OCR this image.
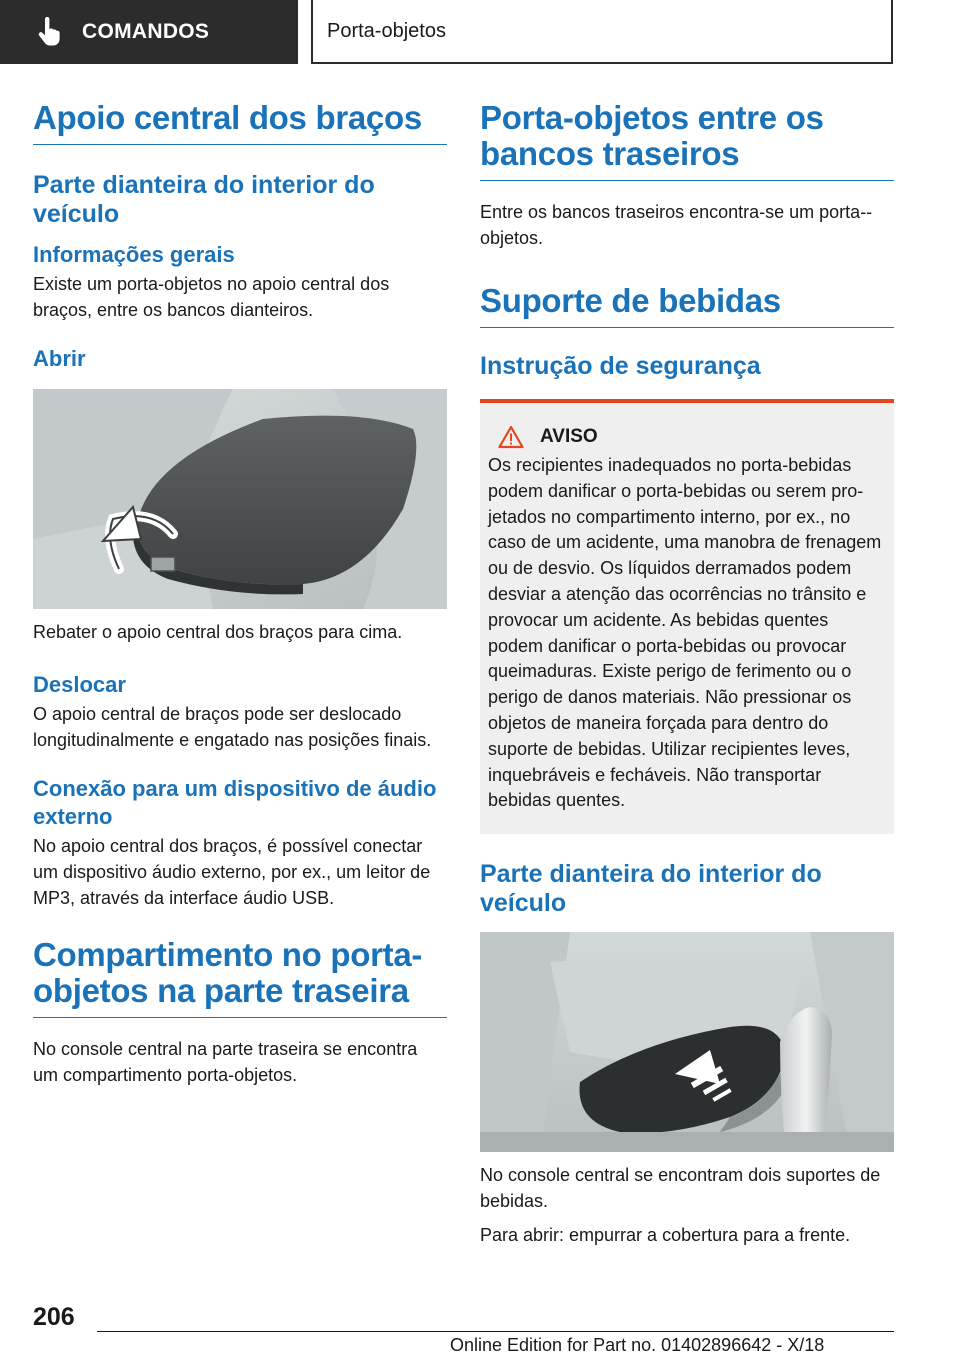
COMANDOS	Porta-objetos
Apoio central dos braços
Parte dianteira do interior do veículo
Informações gerais

Existe um porta-objetos no apoio central dos braços, entre os bancos dianteiros.

Abrir

Rebater o apoio central dos braços para cima.

Deslocar

O apoio central de braços pode ser deslocado longitudinalmente e engatado nas posições finais.

Conexão para um dispositivo de áudio externo

No apoio central dos braços, é possível conectar um dispositivo áudio externo, por ex., um leitor de MP3, através da interface áudio USB.

Compartimento no porta-objetos na parte traseira

No console central na parte traseira se encontra um compartimento porta-objetos.

Porta-objetos entre os bancos traseiros

Entre os bancos traseiros encontra-se um porta--objetos.

Suporte de bebidas
Instrução de segurança
AVISO

Os recipientes inadequados no porta-bebidas podem danificar o porta-bebidas ou serem projetados no compartimento interno, por ex., no caso de um acidente, uma manobra de frenagem ou de desvio. Os líquidos derramados podem desviar a atenção das ocorrências no trânsito e provocar um acidente. As bebidas quentes podem danificar o porta-bebidas ou provocar queimaduras. Existe perigo de ferimento ou o perigo de danos materiais. Não pressionar os objetos de maneira forçada para dentro do suporte de bebidas. Utilizar recipientes leves, inquebráveis e fecháveis. Não transportar bebidas quentes.

Parte dianteira do interior do veículo

No console central se encontram dois suportes de bebidas.

Para abrir: empurrar a cobertura para a frente.

206
Online Edition for Part no. 01402896642 - X/18
